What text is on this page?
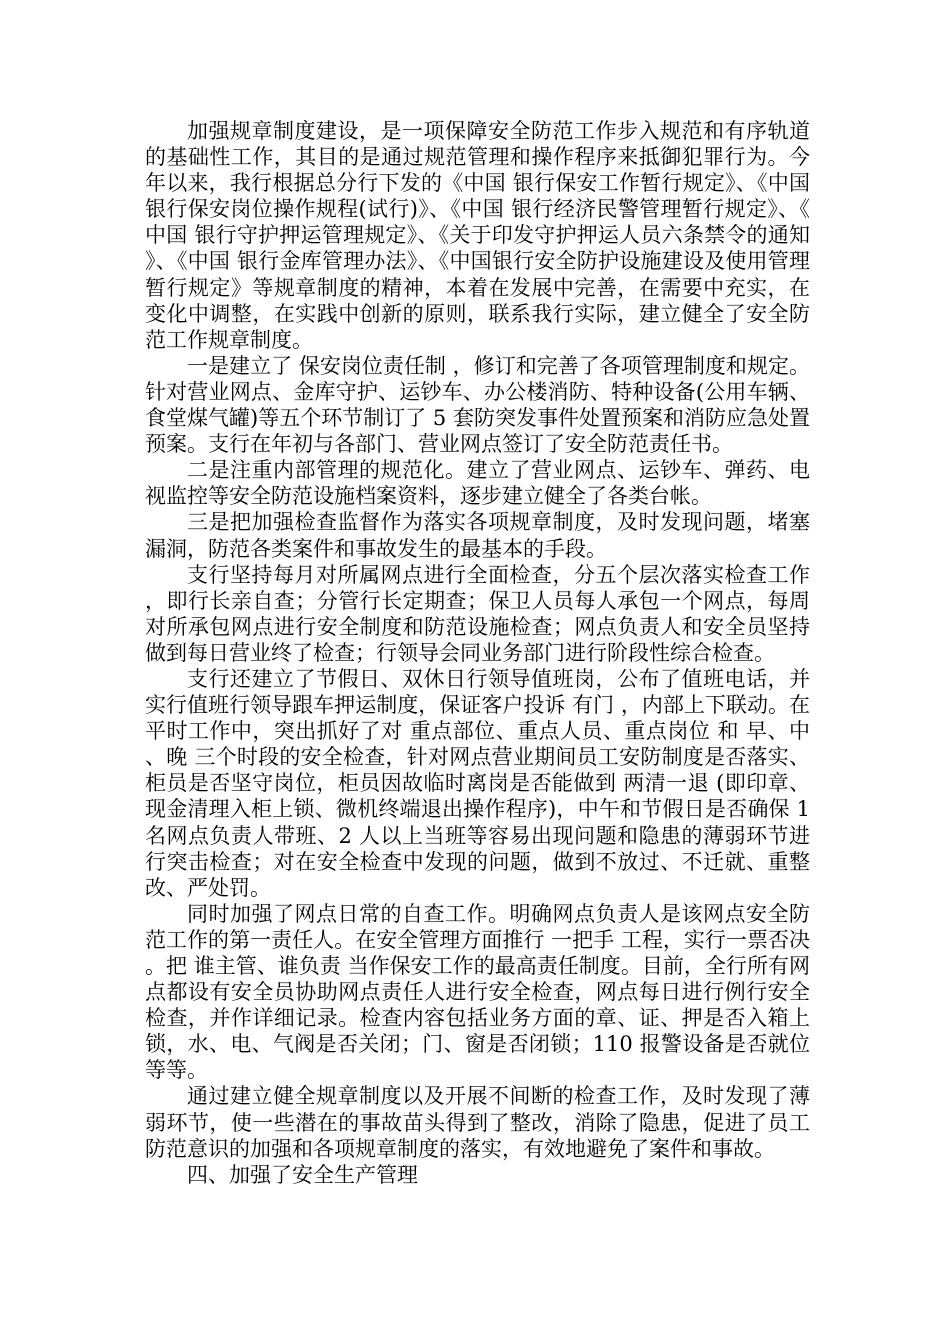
加强规章制度建设，是一项保障安全防范工作步入规范和有序轨道的基础性工作，其目的是通过规范管理和操作程序来抵御犯罪行为。今年以来，我行根据总分行下发的《中国 银行保安工作暂行规定》、《中国 银行保安岗位操作规程(试行)》、《中国 银行经济民警管理暂行规定》、《中国 银行守护押运管理规定》、《关于印发守护押运人员六条禁令的通知》、《中国 银行金库管理办法》、《中国银行安全防护设施建设及使用管理暂行规定》等规章制度的精神，本着在发展中完善，在需要中充实，在变化中调整，在实践中创新的原则，联系我行实际，建立健全了安全防范工作规章制度。

一是建立了 保安岗位责任制 ，修订和完善了各项管理制度和规定。针对营业网点、金库守护、运钞车、办公楼消防、特种设备(公用车辆、食堂煤气罐)等五个环节制订了 5 套防突发事件处置预案和消防应急处置预案。支行在年初与各部门、营业网点签订了安全防范责任书。

二是注重内部管理的规范化。建立了营业网点、运钞车、弹药、电视监控等安全防范设施档案资料，逐步建立健全了各类台帐。

三是把加强检查监督作为落实各项规章制度，及时发现问题，堵塞漏洞，防范各类案件和事故发生的最基本的手段。

支行坚持每月对所属网点进行全面检查，分五个层次落实检查工作，即行长亲自查；分管行长定期查；保卫人员每人承包一个网点，每周对所承包网点进行安全制度和防范设施检查；网点负责人和安全员坚持做到每日营业终了检查；行领导会同业务部门进行阶段性综合检查。

支行还建立了节假日、双休日行领导值班岗，公布了值班电话，并实行值班行领导跟车押运制度，保证客户投诉 有门 ，内部上下联动。在平时工作中，突出抓好了对 重点部位、重点人员、重点岗位 和 早、中、晚 三个时段的安全检查，针对网点营业期间员工安防制度是否落实、柜员是否坚守岗位，柜员因故临时离岗是否能做到 两清一退 (即印章、现金清理入柜上锁、微机终端退出操作程序)，中午和节假日是否确保 1 名网点负责人带班、2 人以上当班等容易出现问题和隐患的薄弱环节进行突击检查；对在安全检查中发现的问题，做到不放过、不迁就、重整改、严处罚。

同时加强了网点日常的自查工作。明确网点负责人是该网点安全防范工作的第一责任人。在安全管理方面推行 一把手 工程，实行一票否决。把 谁主管、谁负责 当作保安工作的最高责任制度。目前，全行所有网点都设有安全员协助网点责任人进行安全检查，网点每日进行例行安全检查，并作详细记录。检查内容包括业务方面的章、证、押是否入箱上锁，水、电、气阀是否关闭；门、窗是否闭锁；110 报警设备是否就位等等。

通过建立健全规章制度以及开展不间断的检查工作，及时发现了薄弱环节，使一些潜在的事故苗头得到了整改，消除了隐患，促进了员工防范意识的加强和各项规章制度的落实，有效地避免了案件和事故。

四、加强了安全生产管理
